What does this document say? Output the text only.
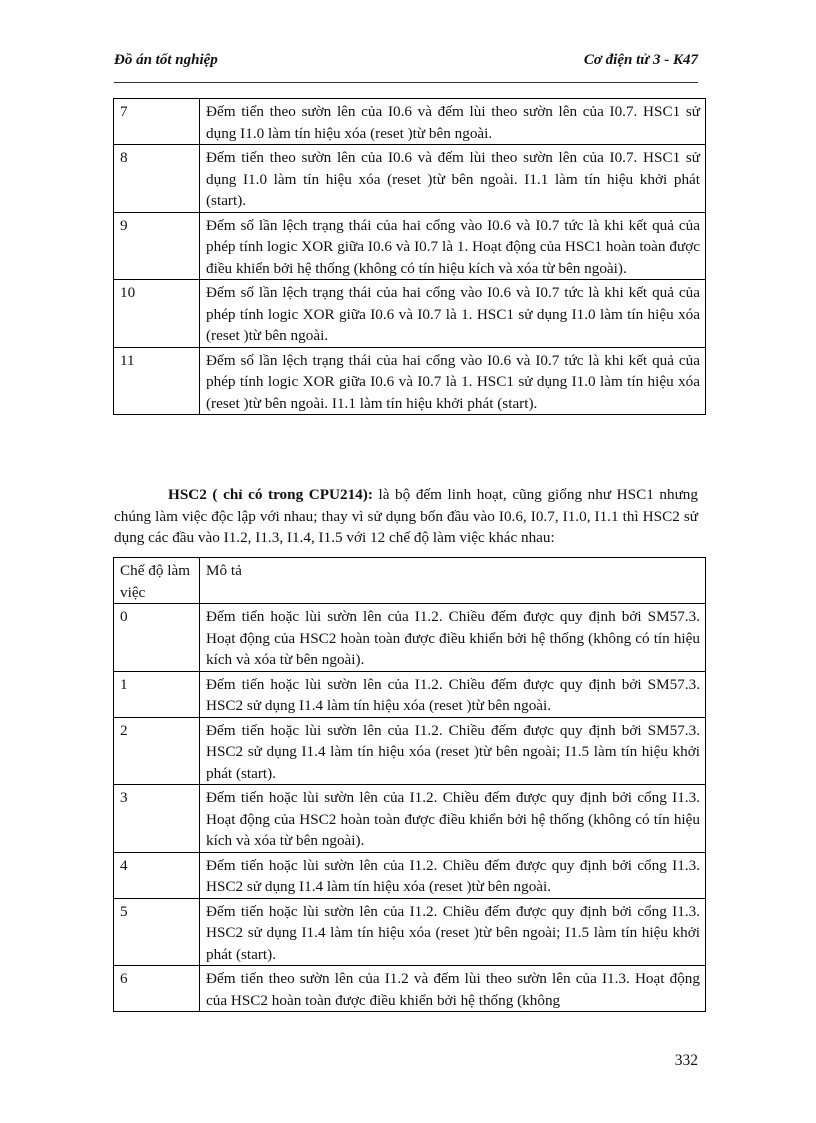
Đồ án tốt nghiệp	Cơ điện tử 3 - K47
7	Đếm tiến theo sườn lên của I0.6 và đếm lùi theo sườn lên của I0.7. HSC1 sử dụng I1.0 làm tín hiệu xóa (reset )từ bên ngoài.
8	Đếm tiến theo sườn lên của I0.6 và đếm lùi theo sườn lên của I0.7. HSC1 sử dụng I1.0 làm tín hiệu xóa (reset )từ bên ngoài. I1.1 làm tín hiệu khởi phát (start).
9	Đếm số lần lệch trạng thái của hai cổng vào I0.6 và I0.7 tức là khi kết quả của phép tính logic XOR giữa I0.6 và I0.7 là 1. Hoạt động của HSC1 hoàn toàn được điều khiển bởi hệ thống (không có tín hiệu kích và xóa từ bên ngoài).
10	Đếm số lần lệch trạng thái của hai cổng vào I0.6 và I0.7 tức là khi kết quả của phép tính logic XOR giữa I0.6 và I0.7 là 1. HSC1 sử dụng I1.0 làm tín hiệu xóa (reset )từ bên ngoài.
11	Đếm số lần lệch trạng thái của hai cổng vào I0.6 và I0.7 tức là khi kết quả của phép tính logic XOR giữa I0.6 và I0.7 là 1. HSC1 sử dụng I1.0 làm tín hiệu xóa (reset )từ bên ngoài. I1.1 làm tín hiệu khởi phát (start).

HSC2 ( chỉ có trong CPU214): là bộ đếm linh hoạt, cũng giống như HSC1 nhưng chúng làm việc độc lập với nhau; thay vì sử dụng bốn đầu vào I0.6, I0.7, I1.0, I1.1 thì HSC2 sử dụng các đầu vào I1.2, I1.3, I1.4, I1.5 với 12 chế độ làm việc khác nhau:

Chế độ làm việc	Mô tả
0	Đếm tiến hoặc lùi sườn lên của I1.2. Chiều đếm được quy định bởi SM57.3. Hoạt động của HSC2 hoàn toàn được điều khiển bởi hệ thống (không có tín hiệu kích và xóa từ bên ngoài).
1	Đếm tiến hoặc lùi sườn lên của I1.2. Chiều đếm được quy định bởi SM57.3. HSC2 sử dụng I1.4 làm tín hiệu xóa (reset )từ bên ngoài.
2	Đếm tiến hoặc lùi sườn lên của I1.2. Chiều đếm được quy định bởi SM57.3. HSC2 sử dụng I1.4 làm tín hiệu xóa (reset )từ bên ngoài; I1.5 làm tín hiệu khởi phát (start).
3	Đếm tiến hoặc lùi sườn lên của I1.2. Chiều đếm được quy định bởi cổng I1.3. Hoạt động của HSC2 hoàn toàn được điều khiển bởi hệ thống (không có tín hiệu kích và xóa từ bên ngoài).
4	Đếm tiến hoặc lùi sườn lên của I1.2. Chiều đếm được quy định bởi cổng I1.3. HSC2 sử dụng I1.4 làm tín hiệu xóa (reset )từ bên ngoài.
5	Đếm tiến hoặc lùi sườn lên của I1.2. Chiều đếm được quy định bởi cổng I1.3. HSC2 sử dụng I1.4 làm tín hiệu xóa (reset )từ bên ngoài; I1.5 làm tín hiệu khởi phát (start).
6	Đếm tiến theo sườn lên của I1.2 và đếm lùi theo sườn lên của I1.3. Hoạt động của HSC2 hoàn toàn được điều khiển bởi hệ thống (không
332
